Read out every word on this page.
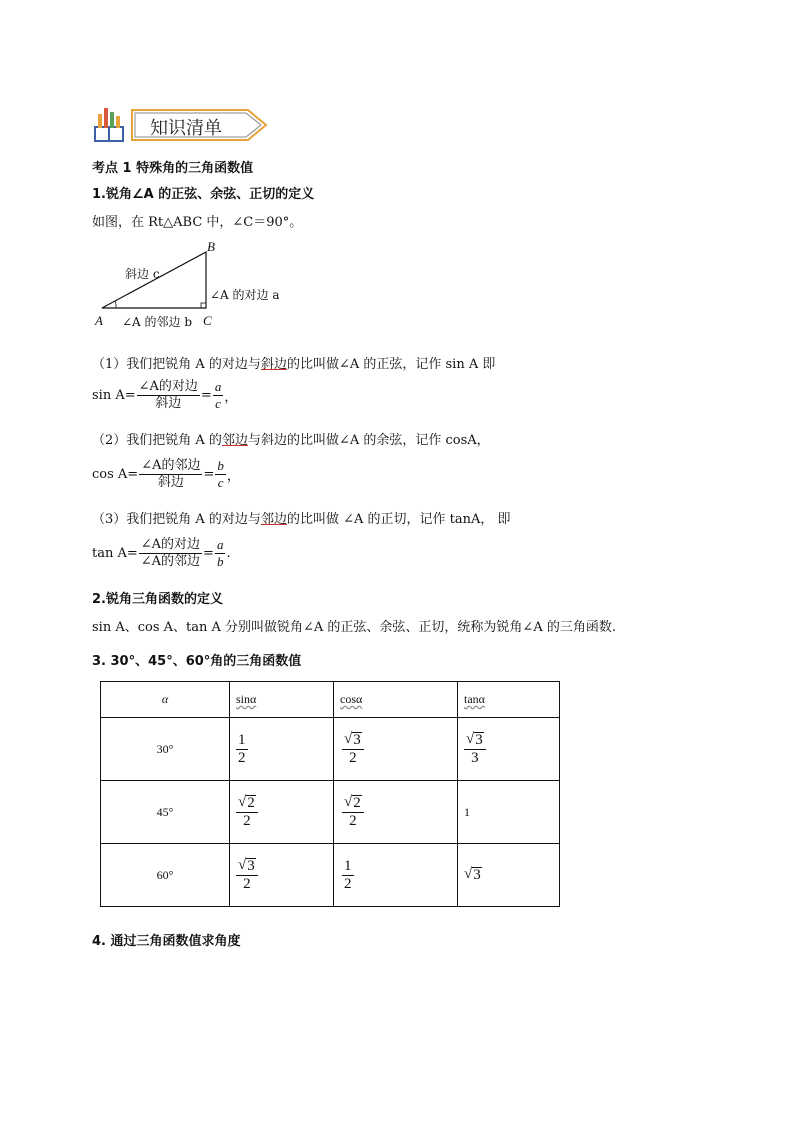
知识清单
考点 1 特殊角的三角函数值
1.锐角∠A 的正弦、余弦、正切的定义
如图，在 Rt△ABC 中，∠C＝90°。
B
A	C
斜边 c
∠A 的对边 a
∠A 的邻边 b
（1）我们把锐角 A 的对边与斜边的比叫做∠A 的正弦，记作 sin A 即
$\sin A= \frac{\text{∠A的对边}}{\text{斜边}} = \frac{a}{c}$ ，
（2）我们把锐角 A 的邻边与斜边的比叫做∠A 的余弦，记作 cosA，
$\cos A= \frac{\text{∠A的邻边}}{\text{斜边}} = \frac{b}{c}$ ，
（3）我们把锐角 A 的对边与邻边的比叫做 ∠A 的正切，记作 tanA， 即
$\tan A= \frac{\text{∠A的对边}}{\text{∠A的邻边}} = \frac{a}{b}$ .
2.锐角三角函数的定义
sin A、cos A、tan A 分别叫做锐角∠A 的正弦、余弦、正切，统称为锐角∠A 的三角函数.
3. 30°、45°、60°角的三角函数值
α	sinα	cosα	tanα
30°	$\frac{1}{2}$	$\frac{√ 3}{2}$	$\frac{√ 3}{3}$

45°	$\frac{√ 2}{2}$	$\frac{√ 2}{2}$	1
60°	$\frac{√ 3}{2}$	$\frac{1}{2}$	√ 3
4. 通过三角函数值求角度
